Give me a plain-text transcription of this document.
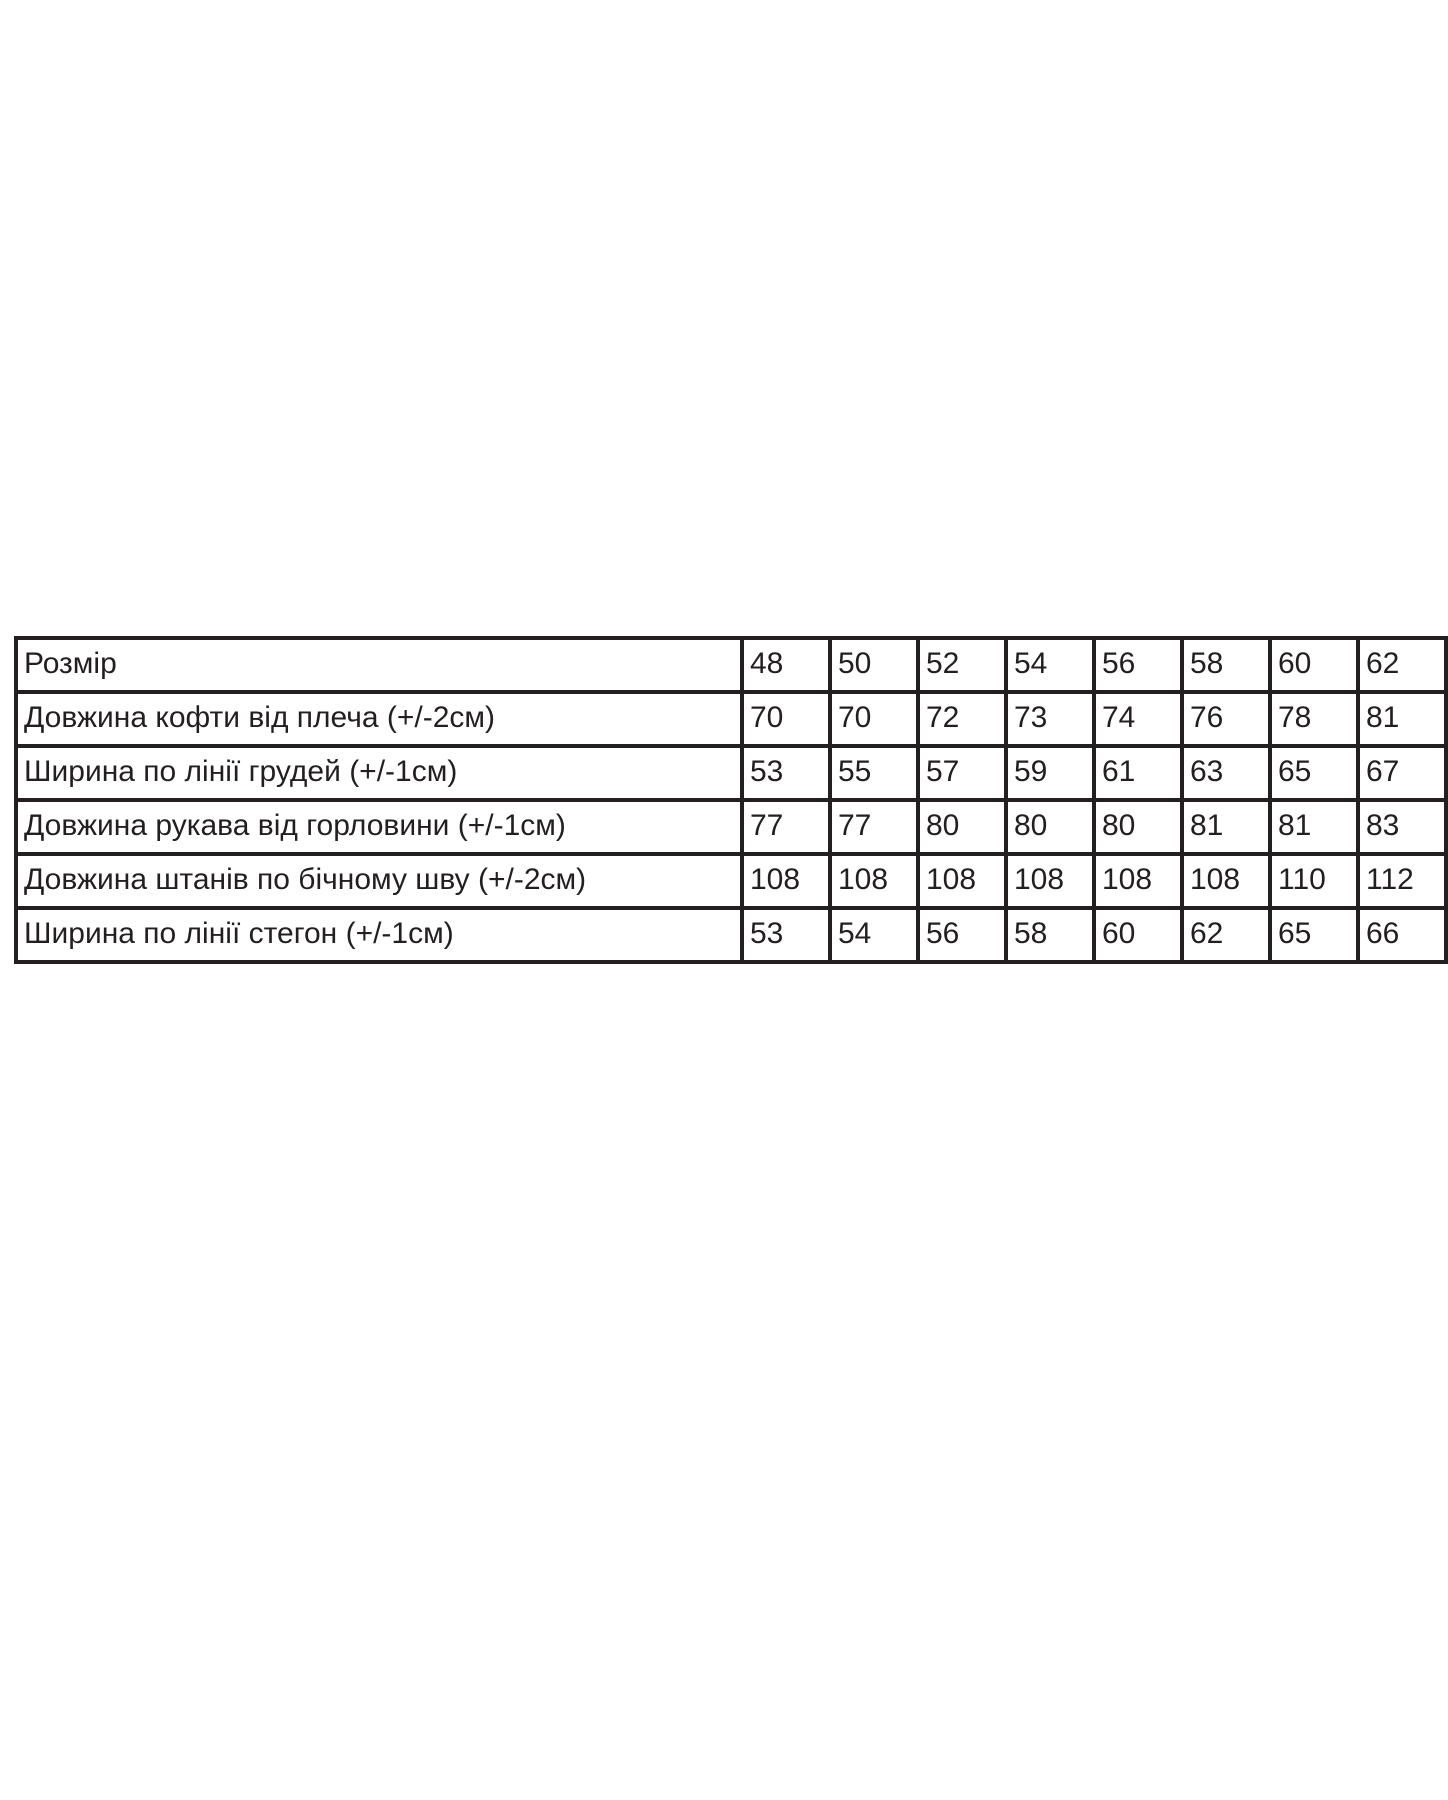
Розмір	48	50	52	54	56	58	60	62
Довжина кофти від плеча (+/-2см)	70	70	72	73	74	76	78	81
Ширина по лінії грудей (+/-1см)	53	55	57	59	61	63	65	67
Довжина рукава від горловини (+/-1см)	77	77	80	80	80	81	81	83
Довжина штанів по бічному шву (+/-2см)	108	108	108	108	108	108	110	112
Ширина по лінії стегон (+/-1см)	53	54	56	58	60	62	65	66
